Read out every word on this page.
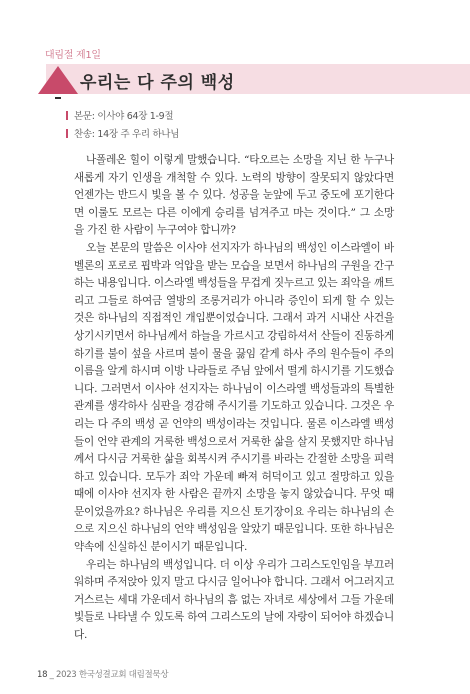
대림절 제1일
우리는 다 주의 백성
본문: 이사야 64장 1-9절
찬송: 14장 주 우리 하나님

나폴레온 힐이 이렇게 말했습니다. “타오르는 소망을 지닌 한 누구나 새롭게 자기 인생을 개척할 수 있다. 노력의 방향이 잘못되지 않았다면 언젠가는 반드시 빛을 볼 수 있다. 성공을 눈앞에 두고 중도에 포기한다면 이룰도 모르는 다른 이에게 승리를 넘겨주고 마는 것이다.” 그 소망을 가진 한 사람이 누구여야 합니까?

오늘 본문의 말씀은 이사야 선지자가 하나님의 백성인 이스라엘이 바벨론의 포로로 핍박과 억압을 받는 모습을 보면서 하나님의 구원을 간구하는 내용입니다. 이스라엘 백성들을 무겁게 짓누르고 있는 죄악을 깨트리고 그들로 하여금 열방의 조롱거리가 아니라 증인이 되게 할 수 있는 것은 하나님의 직접적인 개입뿐이었습니다. 그래서 과거 시내산 사건을 상기시키면서 하나님께서 하늘을 가르시고 강림하셔서 산들이 진동하게 하기를 불이 섶을 사르며 불이 물을 끓임 같게 하사 주의 원수들이 주의 이름을 알게 하시며 이방 나라들로 주님 앞에서 떨게 하시기를 기도했습니다. 그러면서 이사야 선지자는 하나님이 이스라엘 백성들과의 특별한 관계를 생각하사 심판을 경감해 주시기를 기도하고 있습니다. 그것은 우리는 다 주의 백성 곧 언약의 백성이라는 것입니다. 물론 이스라엘 백성들이 언약 관계의 거룩한 백성으로서 거룩한 삶을 살지 못했지만 하나님께서 다시금 거룩한 삶을 회복시켜 주시기를 바라는 간절한 소망을 피력하고 있습니다. 모두가 죄악 가운데 빠져 허덕이고 있고 절망하고 있을 때에 이사야 선지자 한 사람은 끝까지 소망을 놓지 않았습니다. 무엇 때문이었을까요? 하나님은 우리를 지으신 토기장이요 우리는 하나님의 손으로 지으신 하나님의 언약 백성임을 알았기 때문입니다. 또한 하나님은 약속에 신실하신 분이시기 때문입니다.

우리는 하나님의 백성입니다. 더 이상 우리가 그리스도인임을 부끄러워하며 주저앉아 있지 말고 다시금 일어나야 합니다. 그래서 어그러지고 거스르는 세대 가운데서 하나님의 흠 없는 자녀로 세상에서 그들 가운데 빛들로 나타낼 수 있도록 하여 그리스도의 날에 자랑이 되어야 하겠습니다.

18 _ 2023 한국성결교회 대림절묵상
